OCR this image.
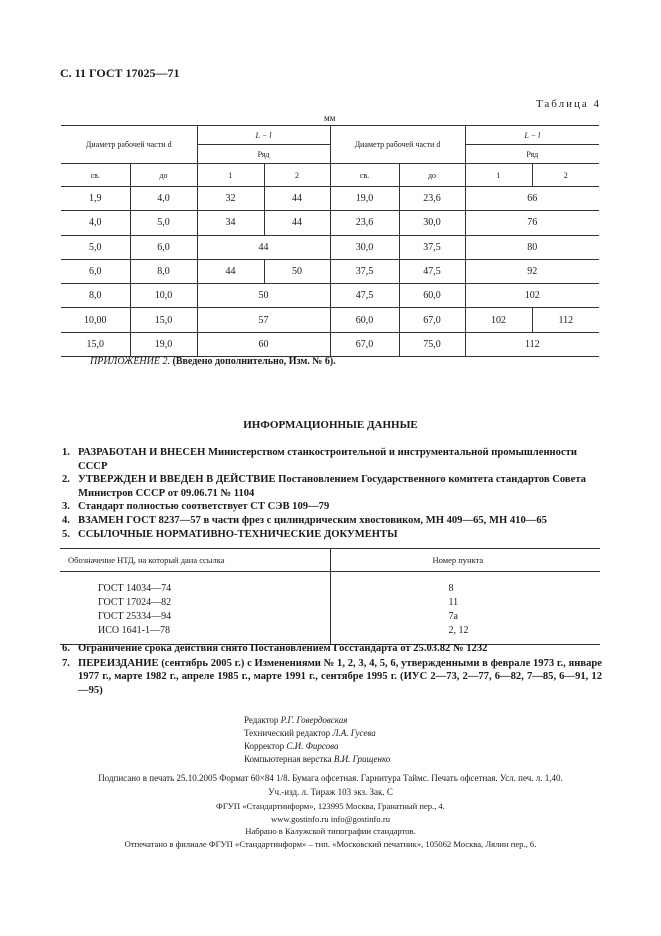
С. 11 ГОСТ 17025—71
Таблица 4
мм
Диаметр рабочей части d		L − l		Диаметр рабочей части d		L − l	
		Ряд				Ряд	
св.	до	1	2	св.	до	1	2
1,9	4,0	32	44	19,0	23,6	66	
4,0	5,0	34	44	23,6	30,0	76	
5,0	6,0	44		30,0	37,5	80	
6,0	8,0	44	50	37,5	47,5	92	
8,0	10,0	50		47,5	60,0	102	
10,00	15,0	57		60,0	67,0	102	112
15,0	19,0	60		67,0	75,0	112	
ПРИЛОЖЕНИЕ 2. (Введено дополнительно, Изм. № 6).
ИНФОРМАЦИОННЫЕ ДАННЫЕ
1. РАЗРАБОТАН И ВНЕСЕН Министерством станкостроительной и инструментальной промышленности СССР
2. УТВЕРЖДЕН И ВВЕДЕН В ДЕЙСТВИЕ Постановлением Государственного комитета стандартов Совета Министров СССР от 09.06.71 № 1104
3. Стандарт полностью соответствует СТ СЭВ 109—79
4. ВЗАМЕН ГОСТ 8237—57 в части фрез с цилиндрическим хвостовиком, МН 409—65, МН 410—65
5. ССЫЛОЧНЫЕ НОРМАТИВНО-ТЕХНИЧЕСКИЕ ДОКУМЕНТЫ
Обозначение НТД, на который дана ссылка	Номер пункта

ГОСТ 14034—74	8
ГОСТ 17024—82	11
ГОСТ 25334—94	7а
ИСО 1641-1—78	2, 12

6. Ограничение срока действия снято Постановлением Госстандарта от 25.03.82 № 1232
7. ПЕРЕИЗДАНИЕ (сентябрь 2005 г.) с Изменениями № 1, 2, 3, 4, 5, 6, утвержденными в феврале 1973 г., январе 1977 г., марте 1982 г., апреле 1985 г., марте 1991 г., сентябре 1995 г. (ИУС 2—73, 2—77, 6—82, 7—85, 6—91, 12—95)
Редактор Р.Г. Говердовская
Технический редактор Л.А. Гусева
Корректор С.И. Фирсова
Компьютерная верстка В.И. Грищенко
Подписано в печать 25.10.2005 Формат 60×84 1/8. Бумага офсетная. Гарнитура Таймс. Печать офсетная. Усл. печ. л. 1,40.
Уч.-изд. л. Тираж 103 экз. Зак. С
ФГУП «Стандартинформ», 123995 Москва, Гранатный пер., 4.
www.gostinfo.ru info@gostinfo.ru
Набрано в Калужской типографии стандартов.
Отпечатано в филиале ФГУП «Стандартинформ» – тип. «Московский печатник», 105062 Москва, Лялин пер., 6.
